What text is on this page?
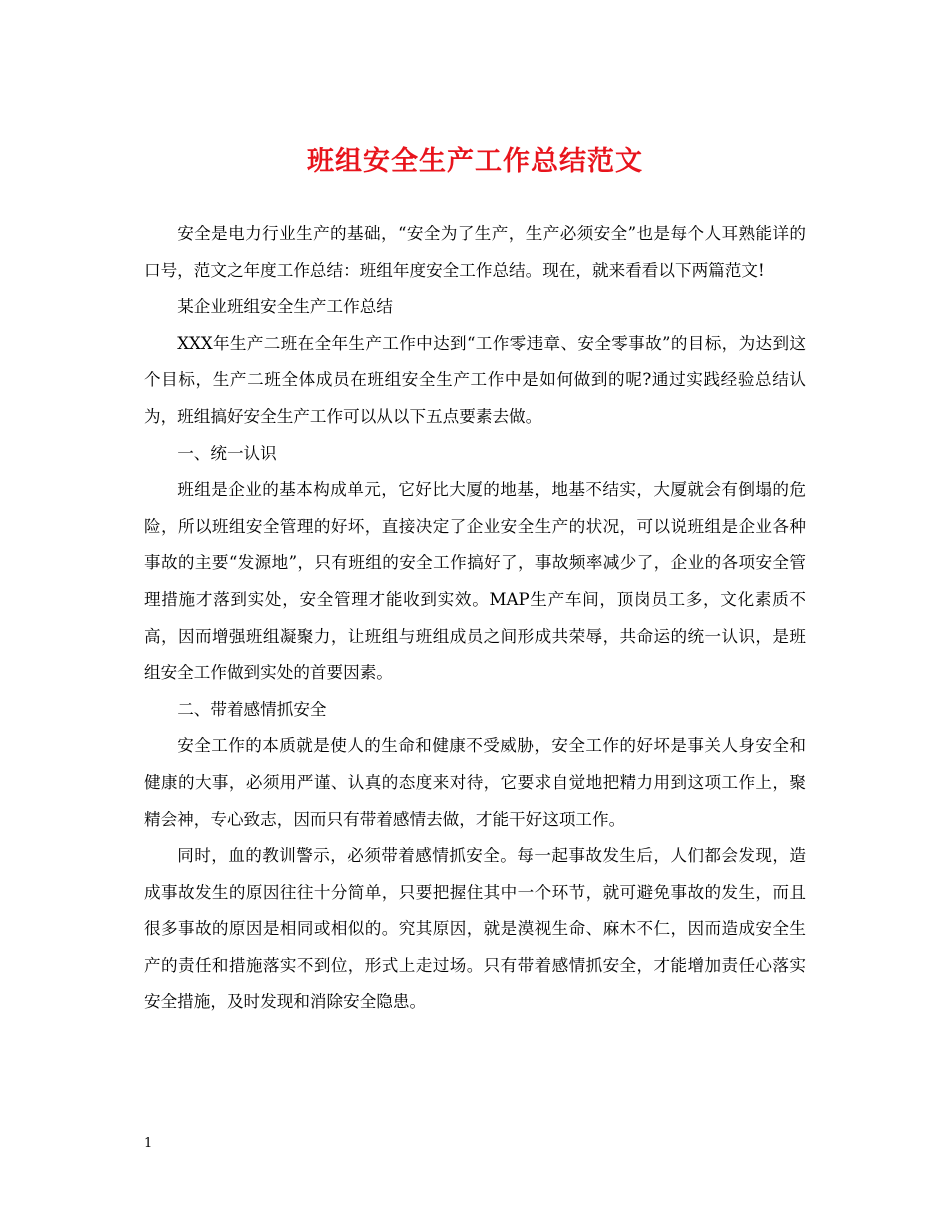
班组安全生产工作总结范文

安全是电力行业生产的基础，“安全为了生产，生产必须安全”也是每个人耳熟能详的口号，范文之年度工作总结：班组年度安全工作总结。现在，就来看看以下两篇范文!

某企业班组安全生产工作总结

XXX年生产二班在全年生产工作中达到“工作零违章、安全零事故”的目标，为达到这个目标，生产二班全体成员在班组安全生产工作中是如何做到的呢?通过实践经验总结认为，班组搞好安全生产工作可以从以下五点要素去做。

一、统一认识

班组是企业的基本构成单元，它好比大厦的地基，地基不结实，大厦就会有倒塌的危险，所以班组安全管理的好坏，直接决定了企业安全生产的状况，可以说班组是企业各种事故的主要“发源地”，只有班组的安全工作搞好了，事故频率减少了，企业的各项安全管理措施才落到实处，安全管理才能收到实效。MAP生产车间，顶岗员工多，文化素质不高，因而增强班组凝聚力，让班组与班组成员之间形成共荣辱，共命运的统一认识，是班组安全工作做到实处的首要因素。

二、带着感情抓安全

安全工作的本质就是使人的生命和健康不受威胁，安全工作的好坏是事关人身安全和健康的大事，必须用严谨、认真的态度来对待，它要求自觉地把精力用到这项工作上，聚精会神，专心致志，因而只有带着感情去做，才能干好这项工作。

同时，血的教训警示，必须带着感情抓安全。每一起事故发生后，人们都会发现，造成事故发生的原因往往十分简单，只要把握住其中一个环节，就可避免事故的发生，而且很多事故的原因是相同或相似的。究其原因，就是漠视生命、麻木不仁，因而造成安全生产的责任和措施落实不到位，形式上走过场。只有带着感情抓安全，才能增加责任心落实安全措施，及时发现和消除安全隐患。

1
